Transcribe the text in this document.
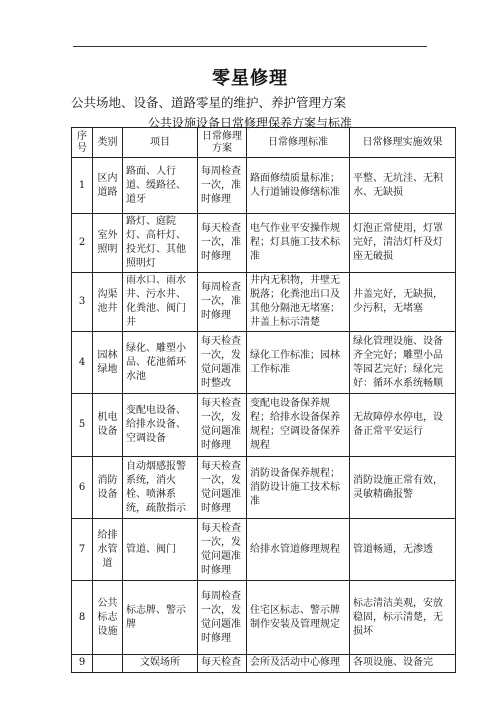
零星修理
公共场地、设备、道路零星的维护、养护管理方案
公共设施设备日常修理保养方案与标准
序号	类别	项目	日常修理方案	日常修理标准	日常修理实施效果
1	区内道路	路面、人行道、缓路径、道牙	每周检查一次，准时修理	路面修绩质量标准；人行道铺设修缮标准	平整、无坑洼、无积水、无缺损
2	室外照明	路灯、庭院灯、高杆灯、投光灯、其他照明灯	每天检查一次，准时修理	电气作业平安操作规程；灯具施工技术标准	灯泡正常使用，灯罩完好，清洁灯杆及灯座无破损
3	沟渠池井	雨水口、雨水井、污水井、化粪池、阀门井	每周检查一次，准时修理	井内无积物，井壁无脱落；化粪池出口及其他分隔池无堵塞；井盖上标示清楚	井盖完好，无缺损，少污积，无堵塞
4	园林绿地	绿化、雕塑小品、花池循环水池	每天检查一次，发觉问题准时整改	绿化工作标准；园林工作标准	绿化管理设施、设备齐全完好；雕塑小品等园艺完好；绿化完好：循环水系统畅顺
5	机电设备	变配电设备、给排水设备、空调设备	每天检查一次，发觉问题准时修理	变配电设备保养规程；给排水设备保养规程；空调设备保养规程	无故障停水停电，设备正常平安运行
6	消防设备	自动烟感报警系统，消火栓、喷淋系统，疏散指示	每天检查一次，发觉问题准时修理	消防设备保养规程；消防设计施工技术标准	消防设施正常有效，灵敏精确报警
7	给排水管道	管道、阀门	每天检查一次，发觉问题准时修理	给排水管道修理规程	管道畅通，无渗透
8	公共标志设施	标志牌、警示牌	每周检查一次，发觉问题准时修理	住宅区标志、警示牌制作安装及管理规定	标志清洁美观，安放稳固，标示清楚，无损坏
9		文娱场所	每天检查	会所及活动中心修理	各项设施、设备完
